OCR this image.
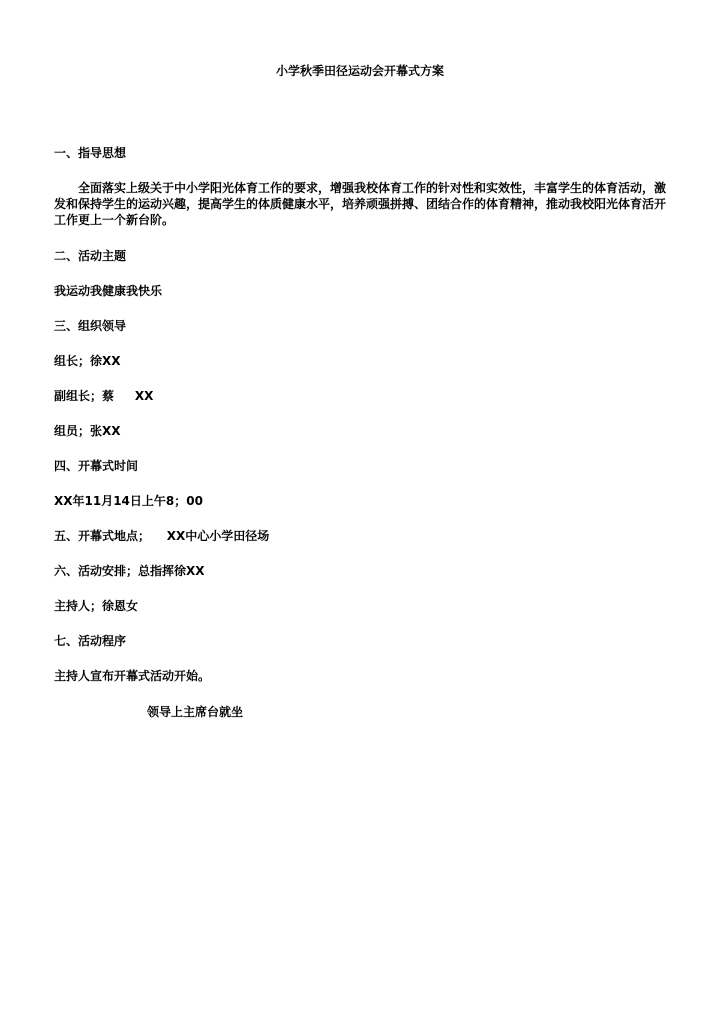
小学秋季田径运动会开幕式方案
一、指导思想
全面落实上级关于中小学阳光体育工作的要求，增强我校体育工作的针对性和实效性，丰富学生的体育活动，激发和保持学生的运动兴趣，提高学生的体质健康水平，培养顽强拼搏、团结合作的体育精神，推动我校阳光体育活开工作更上一个新台阶。
二、活动主题
我运动我健康我快乐
三、组织领导
组长；徐XX
副组长；蔡     XX
组员；张XX
四、开幕式时间
XX年11月14日上午8；00
五、开幕式地点；    XX中心小学田径场
六、活动安排；总指挥徐XX
主持人；徐恩女
七、活动程序
主持人宣布开幕式活动开始。
领导上主席台就坐
